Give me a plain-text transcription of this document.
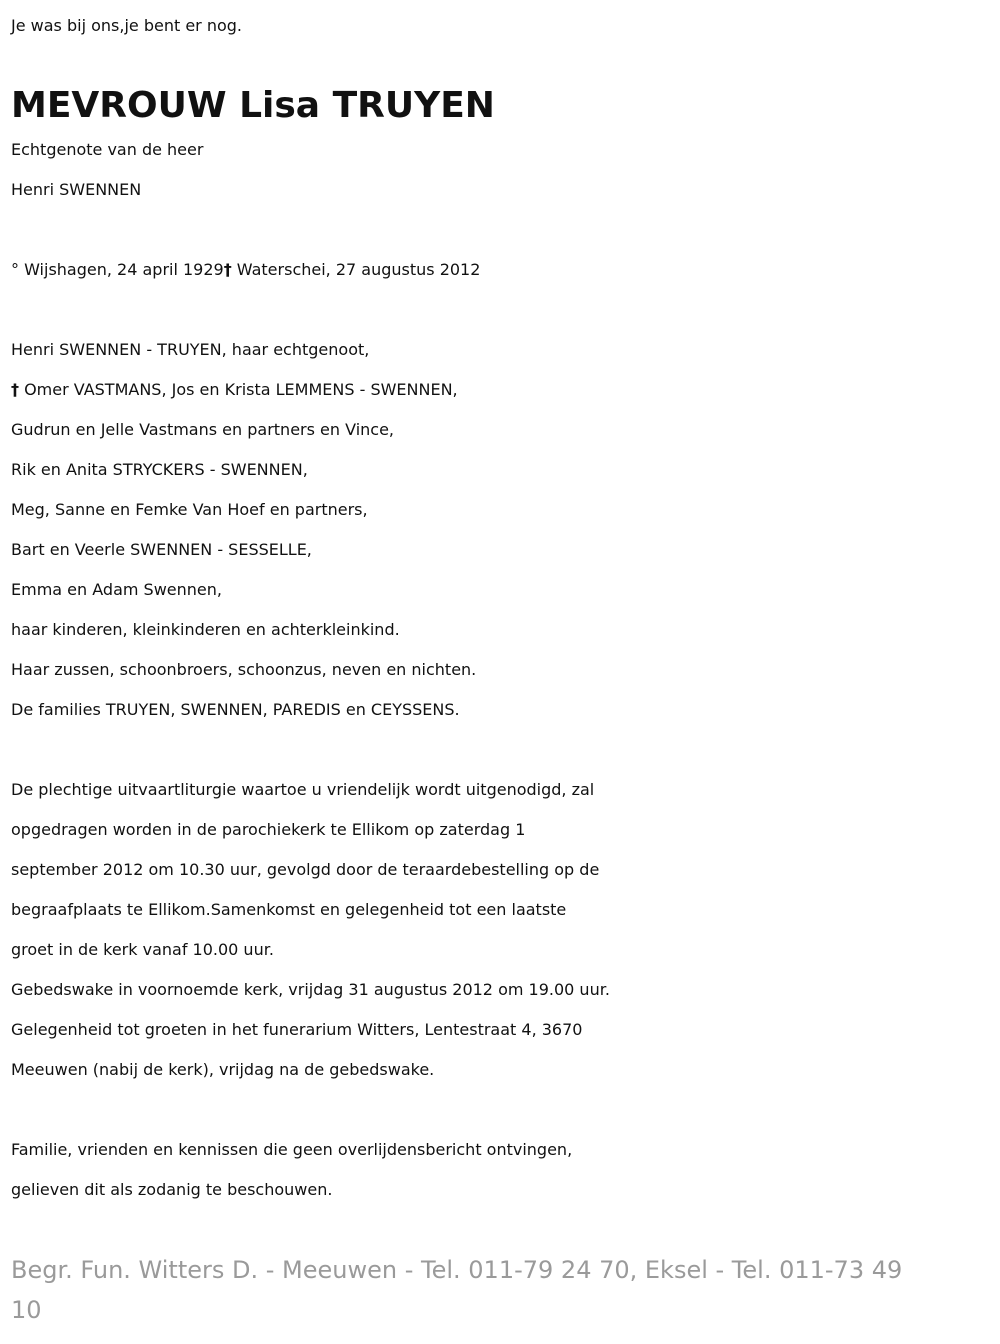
Je was bij ons,je bent er nog.
MEVROUW Lisa TRUYEN
Echtgenote van de heer
Henri SWENNEN
° Wijshagen, 24 april 1929† Waterschei, 27 augustus 2012
Henri SWENNEN - TRUYEN, haar echtgenoot,
† Omer VASTMANS, Jos en Krista LEMMENS - SWENNEN,
Gudrun en Jelle Vastmans en partners en Vince,
Rik en Anita STRYCKERS - SWENNEN,
Meg, Sanne en Femke Van Hoef en partners,
Bart en Veerle SWENNEN - SESSELLE,
Emma en Adam Swennen,
haar kinderen, kleinkinderen en achterkleinkind.
Haar zussen, schoonbroers, schoonzus, neven en nichten.
De families TRUYEN, SWENNEN, PAREDIS en CEYSSENS.
De plechtige uitvaartliturgie waartoe u vriendelijk wordt uitgenodigd, zal
opgedragen worden in de parochiekerk te Ellikom op zaterdag 1
september 2012 om 10.30 uur, gevolgd door de teraardebestelling op de
begraafplaats te Ellikom.Samenkomst en gelegenheid tot een laatste
groet in de kerk vanaf 10.00 uur.
Gebedswake in voornoemde kerk, vrijdag 31 augustus 2012 om 19.00 uur.
Gelegenheid tot groeten in het funerarium Witters, Lentestraat 4, 3670
Meeuwen (nabij de kerk), vrijdag na de gebedswake.
Familie, vrienden en kennissen die geen overlijdensbericht ontvingen,
gelieven dit als zodanig te beschouwen.
Begr. Fun. Witters D. - Meeuwen - Tel. 011-79 24 70, Eksel - Tel. 011-73 49
10
